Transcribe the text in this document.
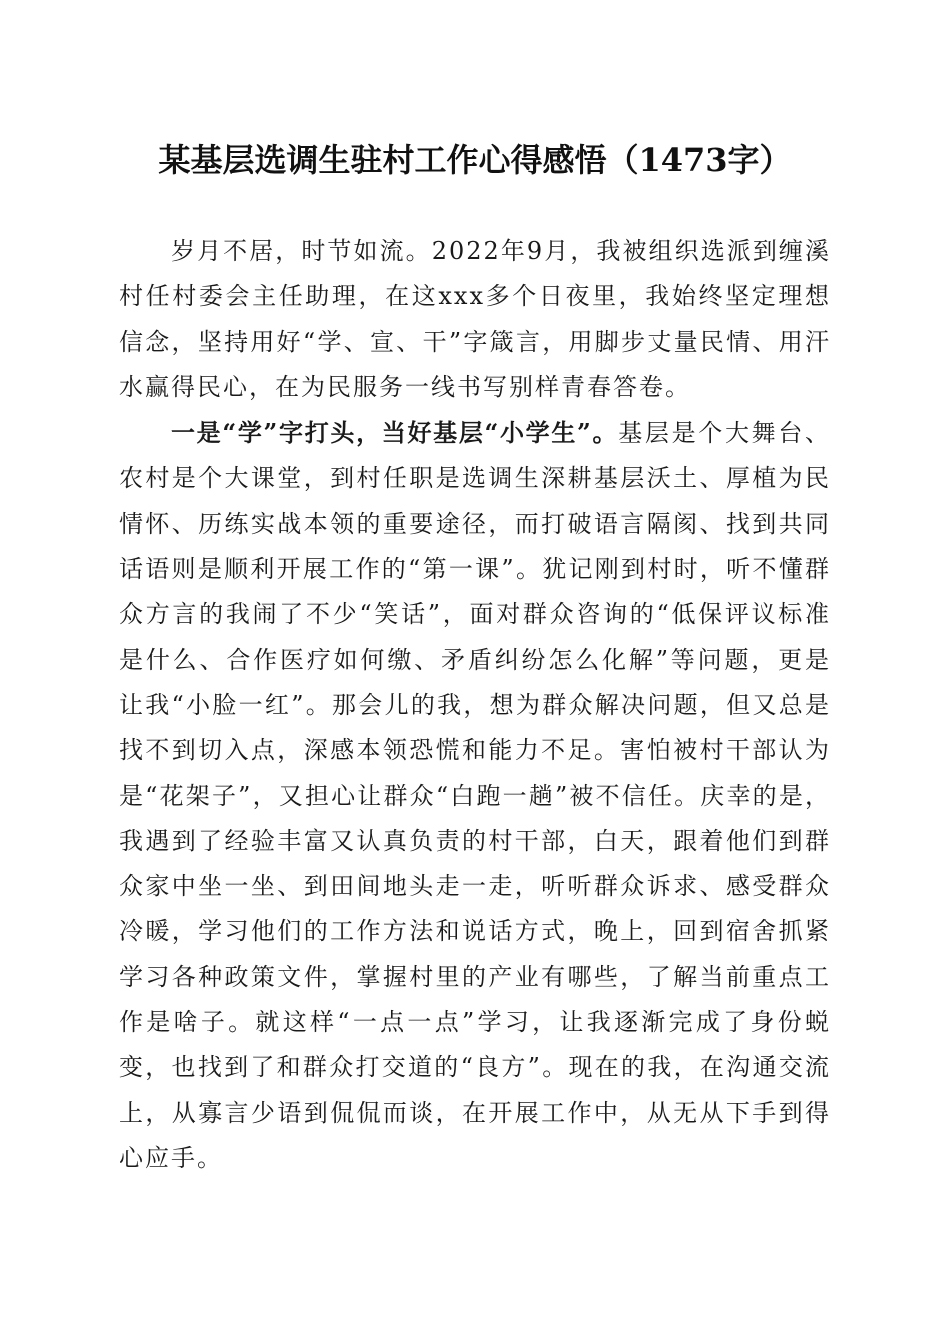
某基层选调生驻村工作心得感悟（1473字）

岁月不居，时节如流。2022年9月，我被组织选派到缠溪村任村委会主任助理，在这xxx多个日夜里，我始终坚定理想信念，坚持用好“学、宣、干”字箴言，用脚步丈量民情、用汗水赢得民心，在为民服务一线书写别样青春答卷。

一是“学”字打头，当好基层“小学生”。基层是个大舞台、农村是个大课堂，到村任职是选调生深耕基层沃土、厚植为民情怀、历练实战本领的重要途径，而打破语言隔阂、找到共同话语则是顺利开展工作的“第一课”。犹记刚到村时，听不懂群众方言的我闹了不少“笑话”，面对群众咨询的“低保评议标准是什么、合作医疗如何缴、矛盾纠纷怎么化解”等问题，更是让我“小脸一红”。那会儿的我，想为群众解决问题，但又总是找不到切入点，深感本领恐慌和能力不足。害怕被村干部认为是“花架子”，又担心让群众“白跑一趟”被不信任。庆幸的是，我遇到了经验丰富又认真负责的村干部，白天，跟着他们到群众家中坐一坐、到田间地头走一走，听听群众诉求、感受群众冷暖，学习他们的工作方法和说话方式，晚上，回到宿舍抓紧学习各种政策文件，掌握村里的产业有哪些，了解当前重点工作是啥子。就这样“一点一点”学习，让我逐渐完成了身份蜕变，也找到了和群众打交道的“良方”。现在的我，在沟通交流上，从寡言少语到侃侃而谈，在开展工作中，从无从下手到得心应手。
